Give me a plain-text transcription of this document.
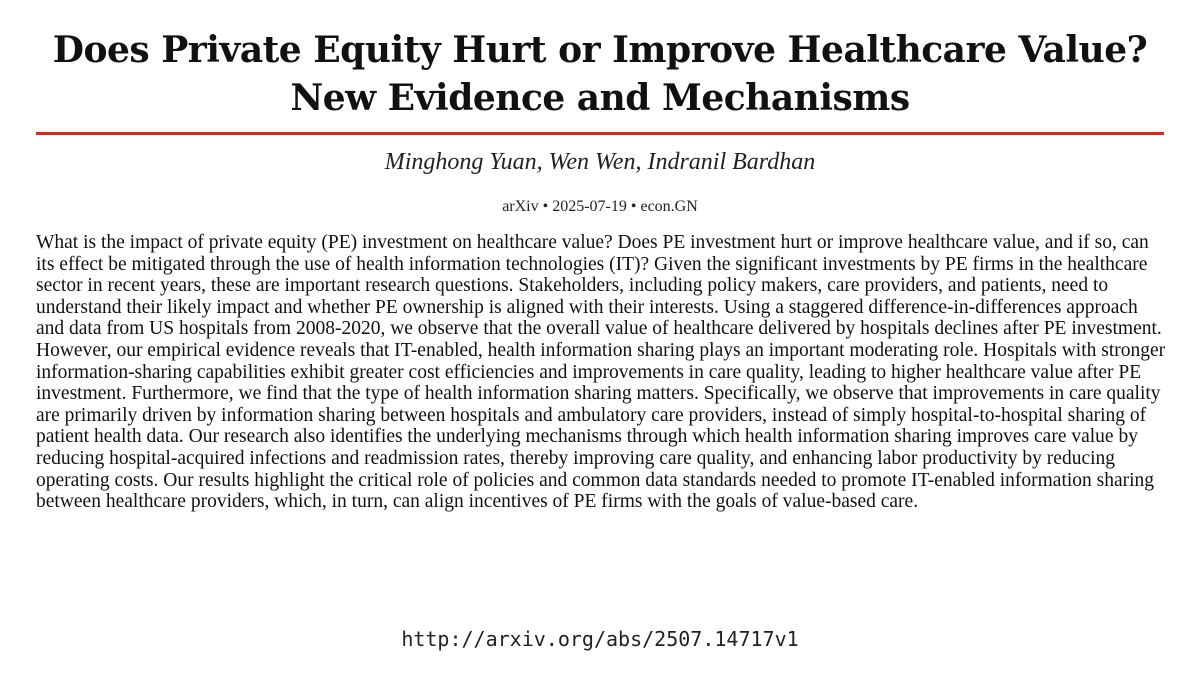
Does Private Equity Hurt or Improve Healthcare Value? New Evidence and Mechanisms
Minghong Yuan, Wen Wen, Indranil Bardhan
arXiv • 2025-07-19 • econ.GN

What is the impact of private equity (PE) investment on healthcare value? Does PE investment hurt or improve healthcare value, and if so, can its effect be mitigated through the use of health information technologies (IT)? Given the significant investments by PE firms in the healthcare sector in recent years, these are important research questions. Stakeholders, including policy makers, care providers, and patients, need to understand their likely impact and whether PE ownership is aligned with their interests. Using a staggered difference-in-differences approach and data from US hospitals from 2008-2020, we observe that the overall value of healthcare delivered by hospitals declines after PE investment. However, our empirical evidence reveals that IT-enabled, health information sharing plays an important moderating role. Hospitals with stronger information-sharing capabilities exhibit greater cost efficiencies and improvements in care quality, leading to higher healthcare value after PE investment. Furthermore, we find that the type of health information sharing matters. Specifically, we observe that improvements in care quality are primarily driven by information sharing between hospitals and ambulatory care providers, instead of simply hospital-to-hospital sharing of patient health data. Our research also identifies the underlying mechanisms through which health information sharing improves care value by reducing hospital-acquired infections and readmission rates, thereby improving care quality, and enhancing labor productivity by reducing operating costs. Our results highlight the critical role of policies and common data standards needed to promote IT-enabled information sharing between healthcare providers, which, in turn, can align incentives of PE firms with the goals of value-based care.

http://arxiv.org/abs/2507.14717v1
